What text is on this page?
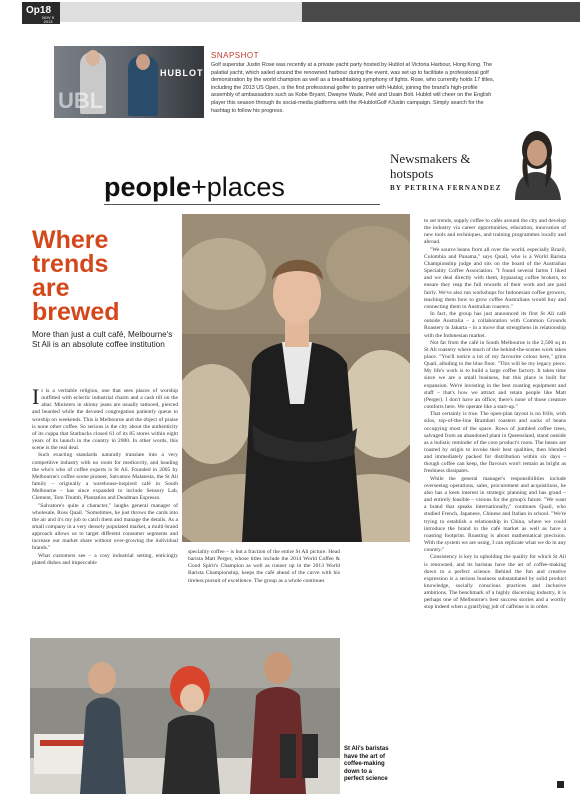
Op18
NOV 5
2013
HUBLOT
UBL
SNAPSHOT

Golf superstar Justin Rose was recently at a private yacht party hosted by Hublot at Victoria Harbour, Hong Kong. The palatial yacht, which sailed around the renowned harbour during the event, was set up to facilitate a professional golf demonstration by the world champion as well as a breathtaking symphony of lights. Rose, who currently holds 17 titles, including the 2013 US Open, is the first professional golfer to partner with Hublot, joining the brand's high-profile assembly of ambassadors such as Kobe Bryant, Dwayne Wade, Pelé and Usain Bolt. Hublot will cheer on the English player this season through its social-media platforms with the #HublotGolf #Justin campaign. Simply search for the hashtag to follow his progress.

Newsmakers &
hotspots
BY PETRINA FERNANDEZ
people+places
Where
trends
are
brewed

More than just a cult café, Melbourne's St Ali is an absolute coffee institution

It is a veritable religion, one that sees places of worship outfitted with eclectic industrial charm and a cash till on the altar. Ministers in skinny jeans are usually tattooed, pierced and bearded while the devoted congregation patiently queue to worship on weekends. This is Melbourne and the object of praise is none other coffee. So serious is the city about the authenticity of its cuppa that Starbucks closed 61 of its 85 stores within eight years of its launch in the country in 2000. In other words, this scene is the real deal.

Such exacting standards naturally translate into a very competitive industry with no room for mediocrity, and heading the who's who of coffee experts is St Ali. Founded in 2005 by Melbourne's coffee scene pioneer, Salvatore Malatesta, the St Ali family – originally a warehouse-inspired café in South Melbourne – has since expanded to include Sensory Lab, Clement, Tom Thumb, Plantation and Deadman Espresso.

"Salvatore's quite a character," laughs general manager of wholesale, Ross Quail. "Sometimes, he just throws the cards into the air and it's my job to catch them and manage the details. As a small company in a very densely populated market, a multi-brand approach allows us to target different consumer segments and increase our market share without over-growing the individual brands."

What customers see – a cosy industrial setting, enticingly plated dishes and impeccable

speciality coffee – is but a fraction of the entire St Ali picture. Head barista Matt Perger, whose titles include the 2014 World Coffee & Good Spirit's Champion as well as runner up in the 2013 World Barista Championship, keeps the café ahead of the curve with his tireless pursuit of excellence. The group as a whole continues

to set trends, supply coffee to cafés around the city and develop the industry via career opportunities, education, innovation of new tools and techniques, and training programmes locally and abroad.

"We source beans from all over the world, especially Brazil, Colombia and Panama," says Quail, who is a World Barista Championship judge and sits on the board of the Australian Speciality Coffee Association. "I found several farms I liked and we deal directly with them, bypassing coffee brokers, to ensure they reap the full rewards of their work and are paid fairly. We've also run workshops for Indonesian coffee growers, teaching them how to grow coffee Australians would buy and connecting them to Australian roasters."

In fact, the group has just announced its first St Ali café outside Australia – a collaboration with Common Grounds Roastery in Jakarta – in a move that strengthens its relationship with the Indonesian market.

Not far from the café in South Melbourne is the 2,500 sq m St Ali roastery where much of the behind-the-scenes work takes place. "You'll notice a lot of my favourite colour here," grins Quail, alluding to the blue floor. "This will be my legacy piece. My life's work is to build a large coffee factory. It takes time since we are a small business, but this place is built for expansion. We're investing in the best roasting equipment and staff – that's how we attract and retain people like Matt (Perger). I don't have an office; there's none of those creature comforts here. We operate like a start-up."

That certainly is true. The open-plan layout is no frills, with silos, top-of-the-line Brambati roasters and sacks of beans occupying most of the space. Rows of jumbled coffee trees, salvaged from an abandoned plant in Queensland, stand outside as a holistic reminder of the core product's roots. The beans are roasted by origin to invoke their best qualities, then blended and immediately packed for distribution within six days – though coffee can keep, the flavours won't remain as bright as freshness dissipates.

While the general manager's responsibilities include overseeing operations, sales, procurement and acquisitions, he also has a keen interest in strategic planning and has grand – and entirely feasible – visions for the group's future. "We want a brand that speaks internationally," continues Quail, who studied French, Japanese, Chinese and Italian in school. "We're trying to establish a relationship in China, where we could introduce the brand in the café market as well as have a roasting footprint. Roasting is about mathematical precision. With the system we are using, I can replicate what we do in any country."

Consistency is key in upholding the quality for which St Ali is renowned, and its baristas have the art of coffee-making down to a perfect science. Behind the fun and creative expression is a serious business substantiated by solid product knowledge, socially conscious practices and inclusive ambitions. The benchmark of a highly discerning industry, it is perhaps one of Melbourne's best success stories and a worthy stop indeed when a gratifying jolt of caffeine is in order.

St Ali's baristas have the art of coffee-making down to a perfect science
